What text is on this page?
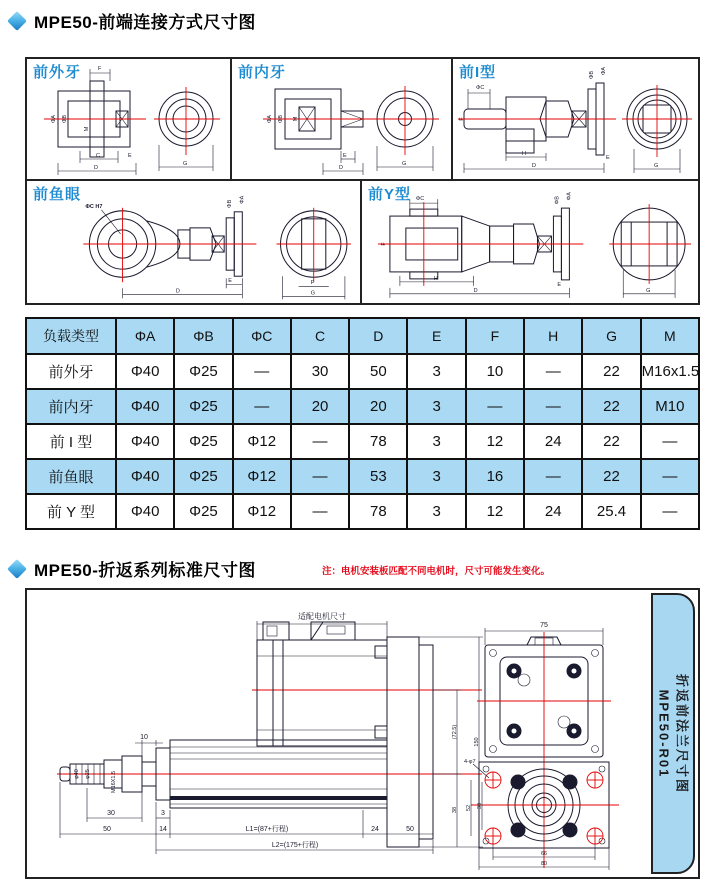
MPE50-前端连接方式尺寸图
前外牙	F
ΦA ΦB
M
C	E
D
G
前内牙
ΦA ΦB M
E
D
G
前I型
ΦC
F
ΦB ΦA
H
D
E
G
前鱼眼
ΦC H7	ΦB ΦA
E
D
F
G
前Y型 ΦC
F
ΦB ΦA
H
D
E
G
负载类型	ΦA	ΦB	ΦC	C	D	E	F	H	G	M
前外牙	Φ40	Φ25	—	30	50	3	10	—	22	M16x1.5
前内牙	Φ40	Φ25	—	20	20	3	—	—	22	M10
前 I 型	Φ40	Φ25	Φ12	—	78	3	12	24	22	—
前鱼眼	Φ40	Φ25	Φ12	—	53	3	16	—	22	—
前 Y 型	Φ40	Φ25	Φ12	—	78	3	12	24	25.4	—
MPE50-折返系列标准尺寸图	注：电机安装板匹配不同电机时，尺寸可能发生变化。
适配电机尺寸
φ40 φ25	M16X1.5
10
30	3
50	14	L1=(87+行程)	24	50
L2=(175+行程)
(72.5)
38
150
75
4-φ7
52 38
66
80
折返前法兰尺寸图
MPE50-R01
